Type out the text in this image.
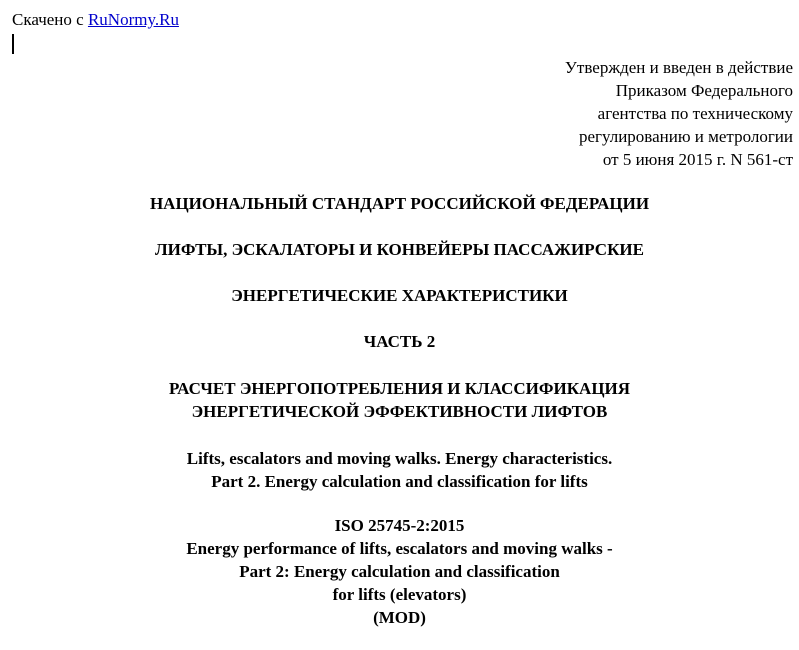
Скачено с RuNormy.Ru
Утвержден и введен в действие
Приказом Федерального
агентства по техническому
регулированию и метрологии
от 5 июня 2015 г. N 561-ст
НАЦИОНАЛЬНЫЙ СТАНДАРТ РОССИЙСКОЙ ФЕДЕРАЦИИ
ЛИФТЫ, ЭСКАЛАТОРЫ И КОНВЕЙЕРЫ ПАССАЖИРСКИЕ
ЭНЕРГЕТИЧЕСКИЕ ХАРАКТЕРИСТИКИ
ЧАСТЬ 2
РАСЧЕТ ЭНЕРГОПОТРЕБЛЕНИЯ И КЛАССИФИКАЦИЯ
ЭНЕРГЕТИЧЕСКОЙ ЭФФЕКТИВНОСТИ ЛИФТОВ
Lifts, escalators and moving walks. Energy characteristics.
Part 2. Energy calculation and classification for lifts
ISO 25745-2:2015
Energy performance of lifts, escalators and moving walks -
Part 2: Energy calculation and classification
for lifts (elevators)
(MOD)
